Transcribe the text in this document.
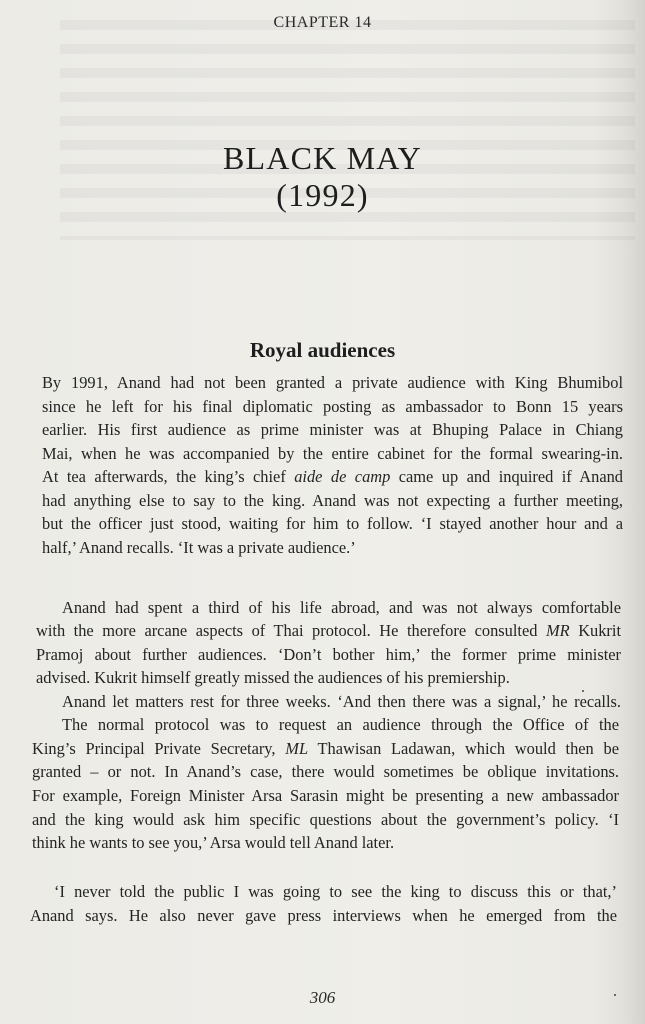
CHAPTER 14
BLACK MAY
(1992)
Royal audiences
By 1991, Anand had not been granted a private audience with King Bhumibol
since he left for his final diplomatic posting as ambassador to Bonn 15 years
earlier. His first audience as prime minister was at Bhuping Palace in Chiang
Mai, when he was accompanied by the entire cabinet for the formal swearing-in.
At tea afterwards, the king’s chief aide de camp came up and inquired if Anand
had anything else to say to the king. Anand was not expecting a further meeting,
but the officer just stood, waiting for him to follow. ‘I stayed another hour and a
half,’ Anand recalls. ‘It was a private audience.’
Anand had spent a third of his life abroad, and was not always comfortable
with the more arcane aspects of Thai protocol. He therefore consulted MR Kukrit
Pramoj about further audiences. ‘Don’t bother him,’ the former prime minister
advised. Kukrit himself greatly missed the audiences of his premiership.
Anand let matters rest for three weeks. ‘And then there was a signal,’ he recalls.
The normal protocol was to request an audience through the Office of the
King’s Principal Private Secretary, ML Thawisan Ladawan, which would then be
granted – or not. In Anand’s case, there would sometimes be oblique invitations.
For example, Foreign Minister Arsa Sarasin might be presenting a new ambassador
and the king would ask him specific questions about the government’s policy. ‘I
think he wants to see you,’ Arsa would tell Anand later.
‘I never told the public I was going to see the king to discuss this or that,’
Anand says. He also never gave press interviews when he emerged from the
306
